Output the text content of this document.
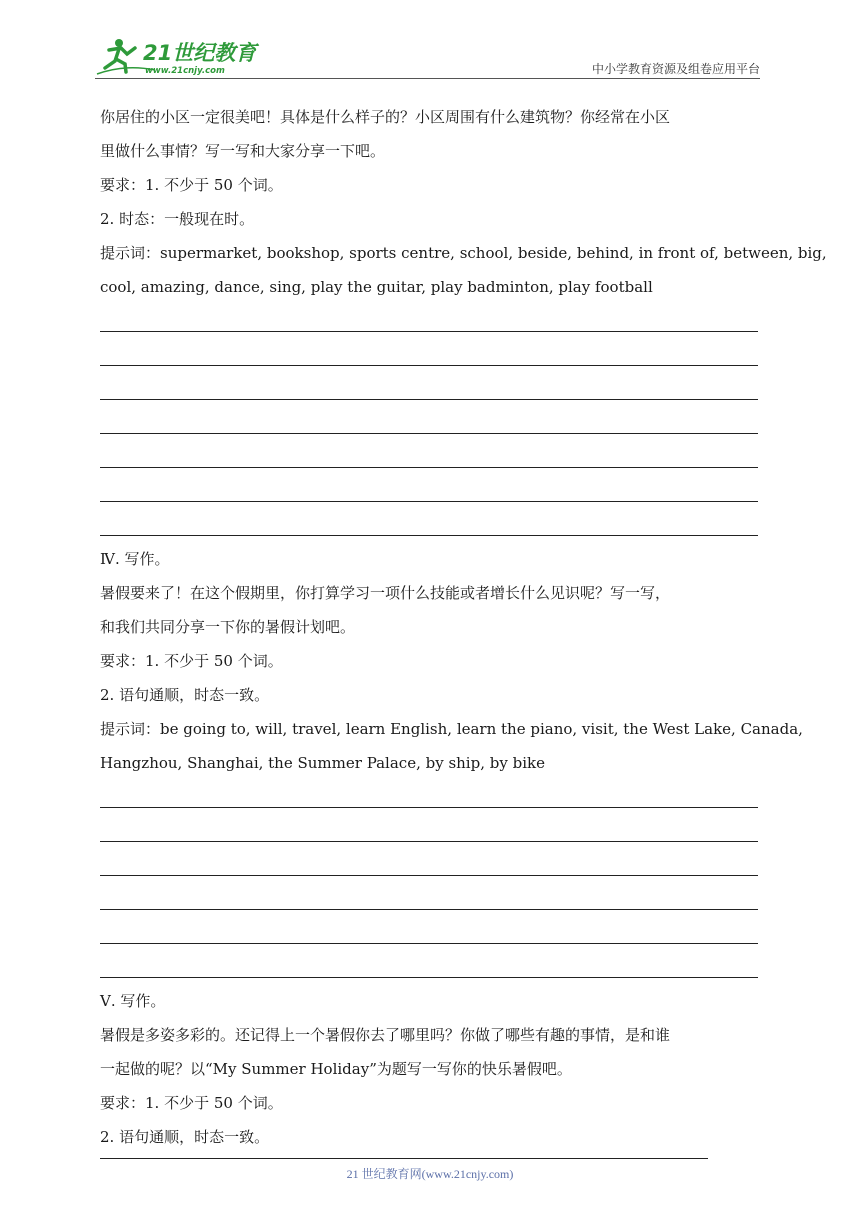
21世纪教育
www.21cnjy.com	中小学教育资源及组卷应用平台
你居住的小区一定很美吧！具体是什么样子的？小区周围有什么建筑物？你经常在小区
里做什么事情？写一写和大家分享一下吧。
要求：1. 不少于 50 个词。
2. 时态：一般现在时。
提示词：supermarket, bookshop, sports centre, school, beside, behind, in front of, between, big,
cool, amazing, dance, sing, play the guitar, play badminton, play football
Ⅳ. 写作。
暑假要来了！在这个假期里，你打算学习一项什么技能或者增长什么见识呢？写一写，
和我们共同分享一下你的暑假计划吧。
要求：1. 不少于 50 个词。
2. 语句通顺，时态一致。
提示词：be going to, will, travel, learn English, learn the piano, visit, the West Lake, Canada,
Hangzhou, Shanghai, the Summer Palace, by ship, by bike
Ⅴ. 写作。
暑假是多姿多彩的。还记得上一个暑假你去了哪里吗？你做了哪些有趣的事情，是和谁
一起做的呢？以“My Summer Holiday”为题写一写你的快乐暑假吧。
要求：1. 不少于 50 个词。
2. 语句通顺，时态一致。
21 世纪教育网(www.21cnjy.com)
